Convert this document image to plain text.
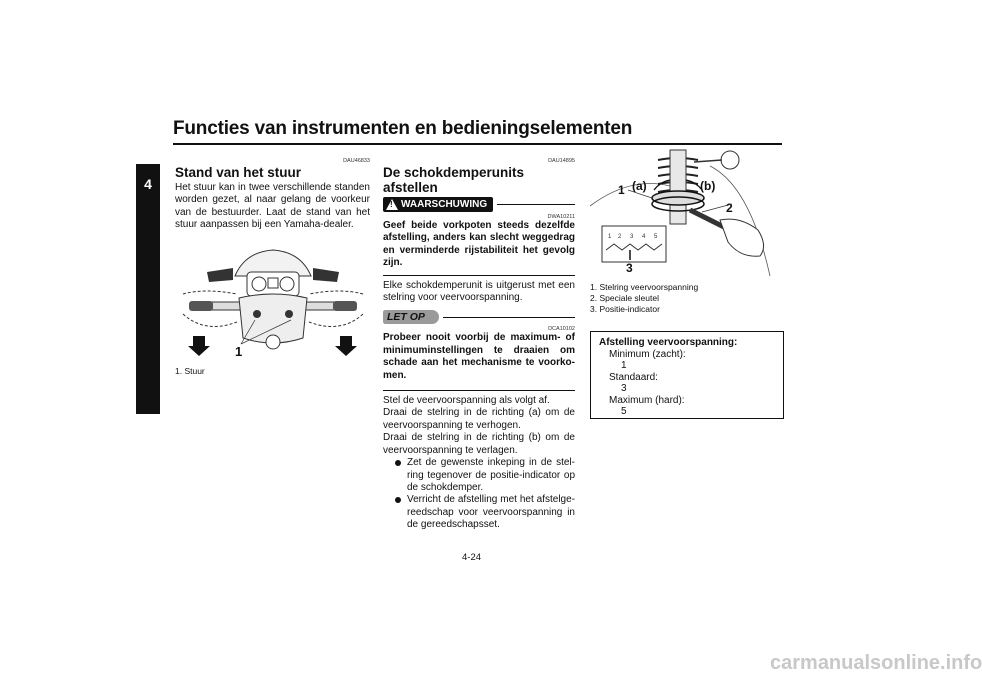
Functies van instrumenten en bedieningselementen
4
DAU46833
Stand van het stuur

Het stuur kan in twee verschillende standen worden gezet, al naar gelang de voorkeur van de bestuurder. Laat de stand van het stuur aanpassen bij een Yamaha-dealer.

1

1. Stuur

DAU14895
De schokdemperunits afstellen
!
WAARSCHUWING
DWA10211

Geef beide vorkpoten steeds dezelfde afstelling, anders kan slecht weggedrag en verminderde rijstabiliteit het gevolg zijn.

Elke schokdemperunit is uitgerust met een stelring voor veervoorspanning.

LET OP
DCA10102

Probeer nooit voorbij de maximum- of minimuminstellingen te draaien om schade aan het mechanisme te voorko-men.

Stel de veervoorspanning als volgt af.

Draai de stelring in de richting (a) om de veervoorspanning te verhogen.

Draai de stelring in de richting (b) om de veervoorspanning te verlagen.

Zet de gewenste inkeping in de stel-ring tegenover de positie-indicator op de schokdemper.
Verricht de afstelling met het afstelge-reedschap voor veervoorspanning in de gereedschapsset.
1 2 3 4 5
1 (a)	(b)
2
3

1. Stelring veervoorspanning

2. Speciale sleutel

3. Positie-indicator

Afstelling veervoorspanning:
Minimum (zacht):
1
Standaard:
3
Maximum (hard):
5
4-24
carmanualsonline.info
